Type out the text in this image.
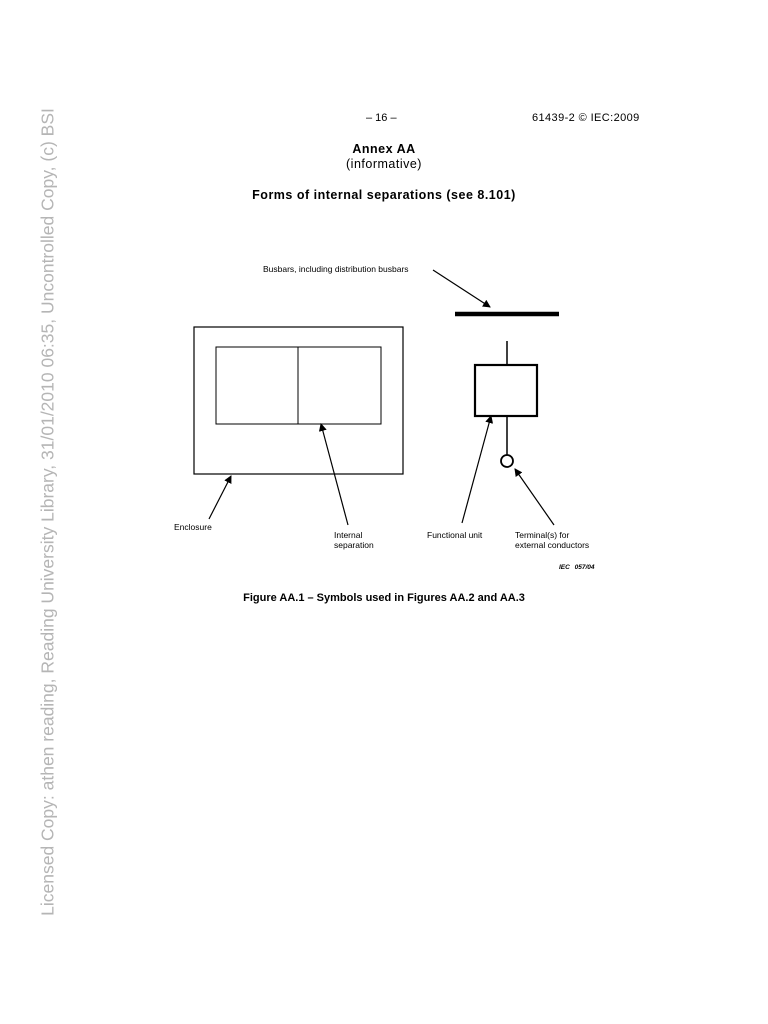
Licensed Copy: athen reading, Reading University Library, 31/01/2010 06:35, Uncontrolled Copy, (c) BSI	– 16 –	61439-2 © IEC:2009
Annex AA
(informative)
Forms of internal separations (see 8.101)
Busbars, including distribution busbars
Enclosure
Internal
separation
Functional unit	Terminal(s) for
external conductors
IEC 057/04
Figure AA.1 – Symbols used in Figures AA.2 and AA.3
